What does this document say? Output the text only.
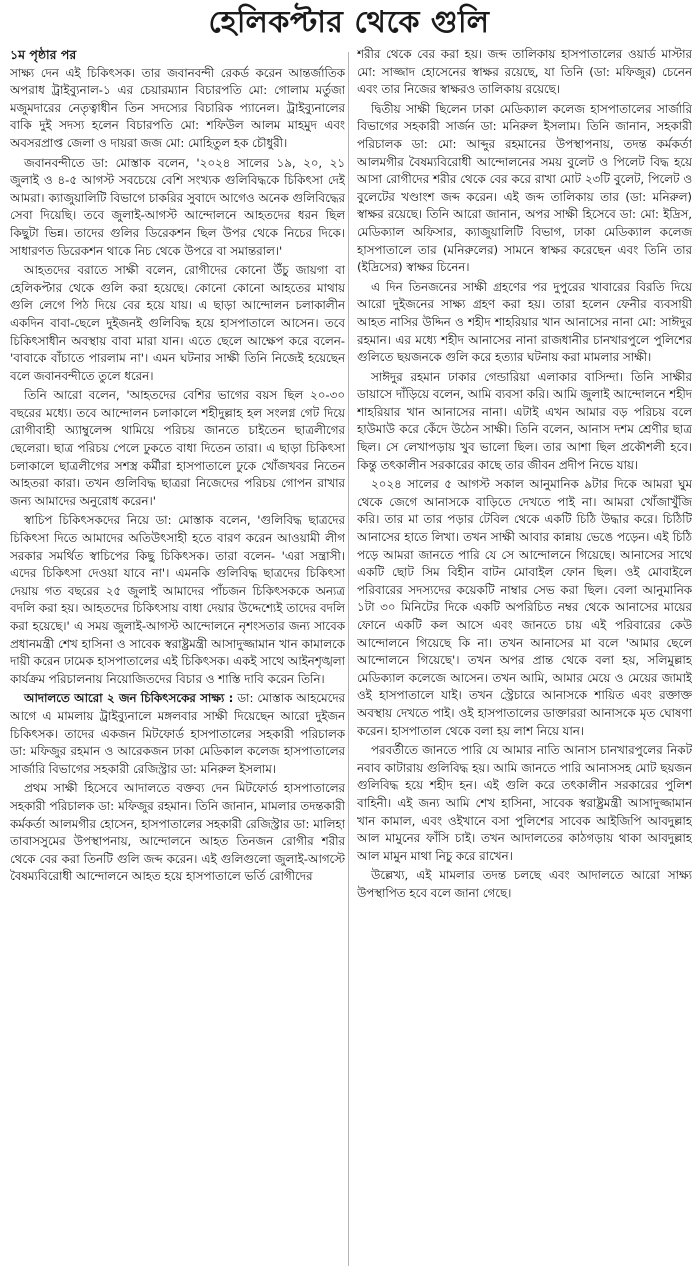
হেলিকপ্টার থেকে গুলি
১ম পৃষ্ঠার পর

সাক্ষ্য দেন এই চিকিৎসক। তার জবানবন্দী রেকর্ড করেন আন্তর্জাতিক অপরাধ ট্রাইব্যুনাল-১ এর চেয়ারম্যান বিচারপতি মো: গোলাম মর্তুজা মজুমদারের নেতৃত্বাধীন তিন সদস্যের বিচারিক প্যানেল। ট্রাইব্যুনালের বাকি দুই সদস্য হলেন বিচারপতি মো: শফিউল আলম মাহমুদ এবং অবসরপ্রাপ্ত জেলা ও দায়রা জজ মো: মোহিতুল হক চৌধুরী।

জবানবন্দীতে ডা: মোস্তাক বলেন, '২০২৪ সালের ১৯, ২০, ২১ জুলাই ও ৪-৫ আগস্ট সবচেয়ে বেশি সংখ্যক গুলিবিদ্ধকে চিকিৎসা দেই আমরা। ক্যাজুয়ালিটি বিভাগে চাকরির সুবাদে আগেও অনেক গুলিবিদ্ধের সেবা দিয়েছি। তবে জুলাই-আগস্ট আন্দোলনে আহতদের ধরন ছিল কিছুটা ভিন্ন। তাদের গুলির ডিরেকশন ছিল উপর থেকে নিচের দিকে। সাধারণত ডিরেকশন থাকে নিচ থেকে উপরে বা সমান্তরাল।'

আহতদের বরাতে সাক্ষী বলেন, রোগীদের কোনো উঁচু জায়গা বা হেলিকপ্টার থেকে গুলি করা হয়েছে। কোনো কোনো আহতের মাথায় গুলি লেগে পিঠ দিয়ে বের হয়ে যায়। এ ছাড়া আন্দোলন চলাকালীন একদিন বাবা-ছেলে দুইজনই গুলিবিদ্ধ হয়ে হাসপাতালে আসেন। তবে চিকিৎসাধীন অবস্থায় বাবা মারা যান। এতে ছেলে আক্ষেপ করে বলেন- 'বাবাকে বাঁচাতে পারলাম না'। এমন ঘটনার সাক্ষী তিনি নিজেই হয়েছেন বলে জবানবন্দীতে তুলে ধরেন।

তিনি আরো বলেন, 'আহতদের বেশির ভাগের বয়স ছিল ২০-৩০ বছরের মধ্যে। তবে আন্দোলন চলাকালে শহীদুল্লাহ হল সংলগ্ন গেট দিয়ে রোগীবাহী অ্যাম্বুলেন্স থামিয়ে পরিচয় জানতে চাইতেন ছাত্রলীগের ছেলেরা। ছাত্র পরিচয় পেলে ঢুকতে বাধা দিতেন তারা। এ ছাড়া চিকিৎসা চলাকালে ছাত্রলীগের সশস্ত্র কর্মীরা হাসপাতালে ঢুকে খোঁজখবর নিতেন আহতরা কারা। তখন গুলিবিদ্ধ ছাত্ররা নিজেদের পরিচয় গোপন রাখার জন্য আমাদের অনুরোধ করেন।'

স্বাচিপ চিকিৎসকদের নিয়ে ডা: মোস্তাক বলেন, 'গুলিবিদ্ধ ছাত্রদের চিকিৎসা দিতে আমাদের অতিউৎসাহী হতে বারণ করেন আওয়ামী লীগ সরকার সমর্থিত স্বাচিপের কিছু চিকিৎসক। তারা বলেন- 'এরা সন্ত্রাসী। এদের চিকিৎসা দেওয়া যাবে না'। এমনকি গুলিবিদ্ধ ছাত্রদের চিকিৎসা দেয়ায় গত বছরের ২৫ জুলাই আমাদের পাঁচজন চিকিৎসককে অন্যত্র বদলি করা হয়। আহতদের চিকিৎসায় বাধা দেয়ার উদ্দেশ্যেই তাদের বদলি করা হয়েছে।' এ সময় জুলাই-আগস্ট আন্দোলনে নৃশংসতার জন্য সাবেক প্রধানমন্ত্রী শেখ হাসিনা ও সাবেক স্বরাষ্ট্রমন্ত্রী আসাদুজ্জামান খান কামালকে দায়ী করেন ঢামেক হাসপাতালের এই চিকিৎসক। একই সাথে আইনশৃঙ্খলা কার্যক্রম পরিচালনায় নিয়োজিতদের বিচার ও শাস্তি দাবি করেন তিনি।

আদালতে আরো ২ জন চিকিৎসকের সাক্ষ্য : ডা: মোস্তাক আহমেদের আগে এ মামলায় ট্রাইব্যুনালে মঙ্গলবার সাক্ষী দিয়েছেন আরো দুইজন চিকিৎসক। তাদের একজন মিটফোর্ড হাসপাতালের সহকারী পরিচালক ডা: মফিজুর রহমান ও আরেকজন ঢাকা মেডিকাল কলেজ হাসপাতালের সার্জারি বিভাগের সহকারী রেজিস্ট্রার ডা: মনিরুল ইসলাম।

প্রথম সাক্ষী হিসেবে আদালতে বক্তব্য দেন মিটফোর্ড হাসপাতালের সহকারী পরিচালক ডা: মফিজুর রহমান। তিনি জানান, মামলার তদন্তকারী কর্মকর্তা আলমগীর হোসেন, হাসপাতালের সহকারী রেজিস্ট্রার ডা: মালিহা তাবাসসুমের উপস্থাপনায়, আন্দোলনে আহত তিনজন রোগীর শরীর থেকে বের করা তিনটি গুলি জব্দ করেন। এই গুলিগুলো জুলাই-আগস্টে বৈষম্যবিরোধী আন্দোলনে আহত হয়ে হাসপাতালে ভর্তি রোগীদের

শরীর থেকে বের করা হয়। জব্দ তালিকায় হাসপাতালের ওয়ার্ড মাস্টার মো: সাজ্জাদ হোসেনের স্বাক্ষর রয়েছে, যা তিনি (ডা: মফিজুর) চেনেন এবং তার নিজের স্বাক্ষরও তালিকায় রয়েছে।

দ্বিতীয় সাক্ষী ছিলেন ঢাকা মেডিক্যাল কলেজ হাসপাতালের সার্জারি বিভাগের সহকারী সার্জন ডা: মনিরুল ইসলাম। তিনি জানান, সহকারী পরিচালক ডা: মো: আব্দুর রহমানের উপস্থাপনায়, তদন্ত কর্মকর্তা আলমগীর বৈষম্যবিরোধী আন্দোলনের সময় বুলেট ও পিলেট বিদ্ধ হয়ে আসা রোগীদের শরীর থেকে বের করে রাখা মোট ২৩টি বুলেট, পিলেট ও বুলেটের খণ্ডাংশ জব্দ করেন। এই জব্দ তালিকায় তার (ডা: মনিরুল) স্বাক্ষর রয়েছে। তিনি আরো জানান, অপর সাক্ষী হিসেবে ডা: মো: ইদ্রিস, মেডিক্যাল অফিসার, ক্যাজুয়ালিটি বিভাগ, ঢাকা মেডিক্যাল কলেজ হাসপাতালে তার (মনিরুলের) সামনে স্বাক্ষর করেছেন এবং তিনি তার (ইদ্রিসের) স্বাক্ষর চিনেন।

এ দিন তিনজনের সাক্ষী গ্রহণের পর দুপুরের খাবারের বিরতি দিয়ে আরো দুইজনের সাক্ষ্য গ্রহণ করা হয়। তারা হলেন ফেনীর ব্যবসায়ী আহত নাসির উদ্দিন ও শহীদ শাহরিয়ার খান আনাসের নানা মো: সাঈদুর রহমান। এর মধ্যে শহীদ আনাসের নানা রাজধানীর চানখারপুলে পুলিশের গুলিতে ছয়জনকে গুলি করে হত্যার ঘটনায় করা মামলার সাক্ষী।

সাঈদুর রহমান ঢাকার গেন্ডারিয়া এলাকার বাসিন্দা। তিনি সাক্ষীর ডায়াসে দাঁড়িয়ে বলেন, আমি ব্যবসা করি। আমি জুলাই আন্দোলনে শহীদ শাহরিয়ার খান আনাসের নানা। এটাই এখন আমার বড় পরিচয় বলে হাউমাউ করে কেঁদে উঠেন সাক্ষী। তিনি বলেন, আনাস দশম শ্রেণীর ছাত্র ছিল। সে লেখাপড়ায় খুব ভালো ছিল। তার আশা ছিল প্রকৌশলী হবে। কিন্তু তৎকালীন সরকারের কাছে তার জীবন প্রদীপ নিভে যায়।

২০২৪ সালের ৫ আগস্ট সকাল আনুমানিক ৯টার দিকে আমরা ঘুম থেকে জেগে আনাসকে বাড়িতে দেখতে পাই না। আমরা খোঁজাখুঁজি করি। তার মা তার পড়ার টেবিল থেকে একটি চিঠি উদ্ধার করে। চিঠিটি আনাসের হাতে লিখা। তখন সাক্ষী আবার কান্নায় ভেঙে পড়েন। এই চিঠি পড়ে আমরা জানতে পারি যে সে আন্দোলনে গিয়েছে। আনাসের সাথে একটি ছোট সিম বিহীন বাটন মোবাইল ফোন ছিল। ওই মোবাইলে পরিবারের সদস্যদের কয়েকটি নাম্বার সেভ করা ছিল। বেলা আনুমানিক ১টা ৩০ মিনিটের দিকে একটি অপরিচিত নম্বর থেকে আনাসের মায়ের ফোনে একটি কল আসে এবং জানতে চায় এই পরিবারের কেউ আন্দোলনে গিয়েছে কি না। তখন আনাসের মা বলে 'আমার ছেলে আন্দোলনে গিয়েছে'। তখন অপর প্রান্ত থেকে বলা হয়, সলিমুল্লাহ মেডিক্যাল কলেজে আসেন। তখন আমি, আমার মেয়ে ও মেয়ের জামাই ওই হাসপাতালে যাই। তখন স্ট্রেচারে আনাসকে শায়িত এবং রক্তাক্ত অবস্থায় দেখতে পাই। ওই হাসপাতালের ডাক্তাররা আনাসকে মৃত ঘোষণা করেন। হাসপাতাল থেকে বলা হয় লাশ নিয়ে যান।

পরবর্তীতে জানতে পারি যে আমার নাতি আনাস চানখারপুলের নিকট নবাব কাটারায় গুলিবিদ্ধ হয়। আমি জানতে পারি আনাসসহ মোট ছয়জন গুলিবিদ্ধ হয়ে শহীদ হন। এই গুলি করে তৎকালীন সরকারের পুলিশ বাহিনী। এই জন্য আমি শেখ হাসিনা, সাবেক স্বরাষ্ট্রমন্ত্রী আসাদুজ্জামান খান কামাল, এবং ওইখানে বসা পুলিশের সাবেক আইজিপি আবদুল্লাহ আল মামুনের ফাঁসি চাই। তখন আদালতের কাঠগড়ায় থাকা আবদুল্লাহ আল মামুন মাথা নিচু করে রাখেন।

উল্লেখ্য, এই মামলার তদন্ত চলছে এবং আদালতে আরো সাক্ষ্য উপস্থাপিত হবে বলে জানা গেছে।
